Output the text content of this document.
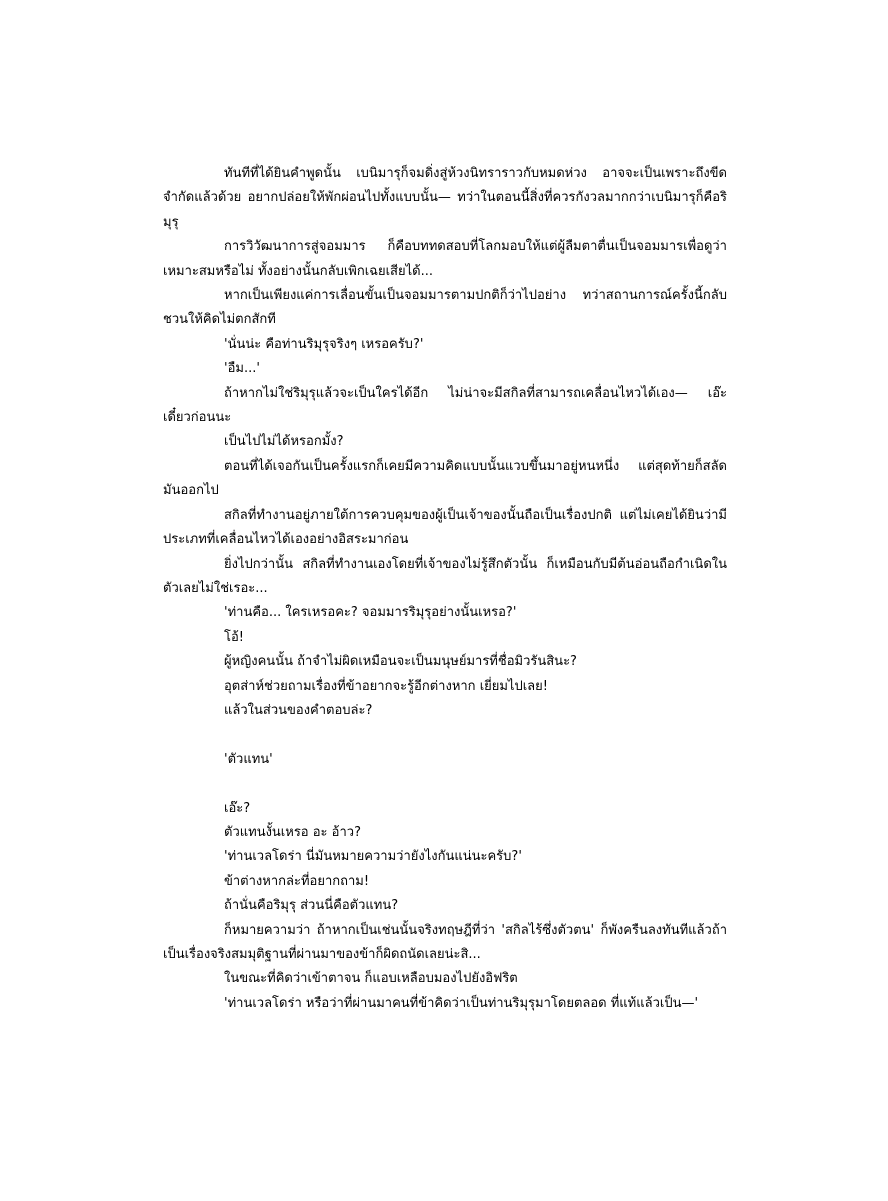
ทันทีที่ได้ยินคำพูดนั้น เบนิมารุก็จมดิ่งสู่ห้วงนิทราราวกับหมดห่วง อาจจะเป็นเพราะถึงขีดจำกัดแล้วด้วย อยากปล่อยให้พักผ่อนไปทั้งแบบนั้น— ทว่าในตอนนี้สิ่งที่ควรกังวลมากกว่าเบนิมารุก็คือริมุรุ

การวิวัฒนาการสู่จอมมาร ก็คือบททดสอบที่โลกมอบให้แต่ผู้ลืมตาตื่นเป็นจอมมารเพื่อดูว่าเหมาะสมหรือไม่ ทั้งอย่างนั้นกลับเพิกเฉยเสียได้...

หากเป็นเพียงแค่การเลื่อนขั้นเป็นจอมมารตามปกติก็ว่าไปอย่าง ทว่าสถานการณ์ครั้งนี้กลับชวนให้คิดไม่ตกสักที

'นั่นน่ะ คือท่านริมุรุจริงๆ เหรอครับ?'

'อืม...'

ถ้าหากไม่ใช่ริมุรุแล้วจะเป็นใครได้อีก ไม่น่าจะมีสกิลที่สามารถเคลื่อนไหวได้เอง— เอ๊ะ เดี๋ยวก่อนนะ

เป็นไปไม่ได้หรอกมั้ง?

ตอนที่ได้เจอกันเป็นครั้งแรกก็เคยมีความคิดแบบนั้นแวบขึ้นมาอยู่หนหนึ่ง แต่สุดท้ายก็สลัดมันออกไป

สกิลที่ทำงานอยู่ภายใต้การควบคุมของผู้เป็นเจ้าของนั้นถือเป็นเรื่องปกติ แต่ไม่เคยได้ยินว่ามีประเภทที่เคลื่อนไหวได้เองอย่างอิสระมาก่อน

ยิ่งไปกว่านั้น สกิลที่ทำงานเองโดยที่เจ้าของไม่รู้สึกตัวนั้น ก็เหมือนกับมีต้นอ่อนถือกำเนิดในตัวเลยไม่ใช่เรอะ...

'ท่านคือ... ใครเหรอคะ? จอมมารริมุรุอย่างนั้นเหรอ?'

โอ้!

ผู้หญิงคนนั้น ถ้าจำไม่ผิดเหมือนจะเป็นมนุษย์มารที่ชื่อมิวรันสินะ?

อุตส่าห์ช่วยถามเรื่องที่ข้าอยากจะรู้อีกต่างหาก เยี่ยมไปเลย!

แล้วในส่วนของคำตอบล่ะ?

'ตัวแทน'

เอ๊ะ?

ตัวแทนงั้นเหรอ อะ อ้าว?

'ท่านเวลโดร่า นี่มันหมายความว่ายังไงกันแน่นะครับ?'

ข้าต่างหากล่ะที่อยากถาม!

ถ้านั่นคือริมุรุ ส่วนนี่คือตัวแทน?

ก็หมายความว่า ถ้าหากเป็นเช่นนั้นจริงทฤษฎีที่ว่า 'สกิลไร้ซึ่งตัวตน' ก็พังครืนลงทันทีแล้วถ้าเป็นเรื่องจริงสมมุติฐานที่ผ่านมาของข้าก็ผิดถนัดเลยน่ะสิ...

ในขณะที่คิดว่าเข้าตาจน ก็แอบเหลือบมองไปยังอิฟริต

'ท่านเวลโดร่า หรือว่าที่ผ่านมาคนที่ข้าคิดว่าเป็นท่านริมุรุมาโดยตลอด ที่แท้แล้วเป็น—'
